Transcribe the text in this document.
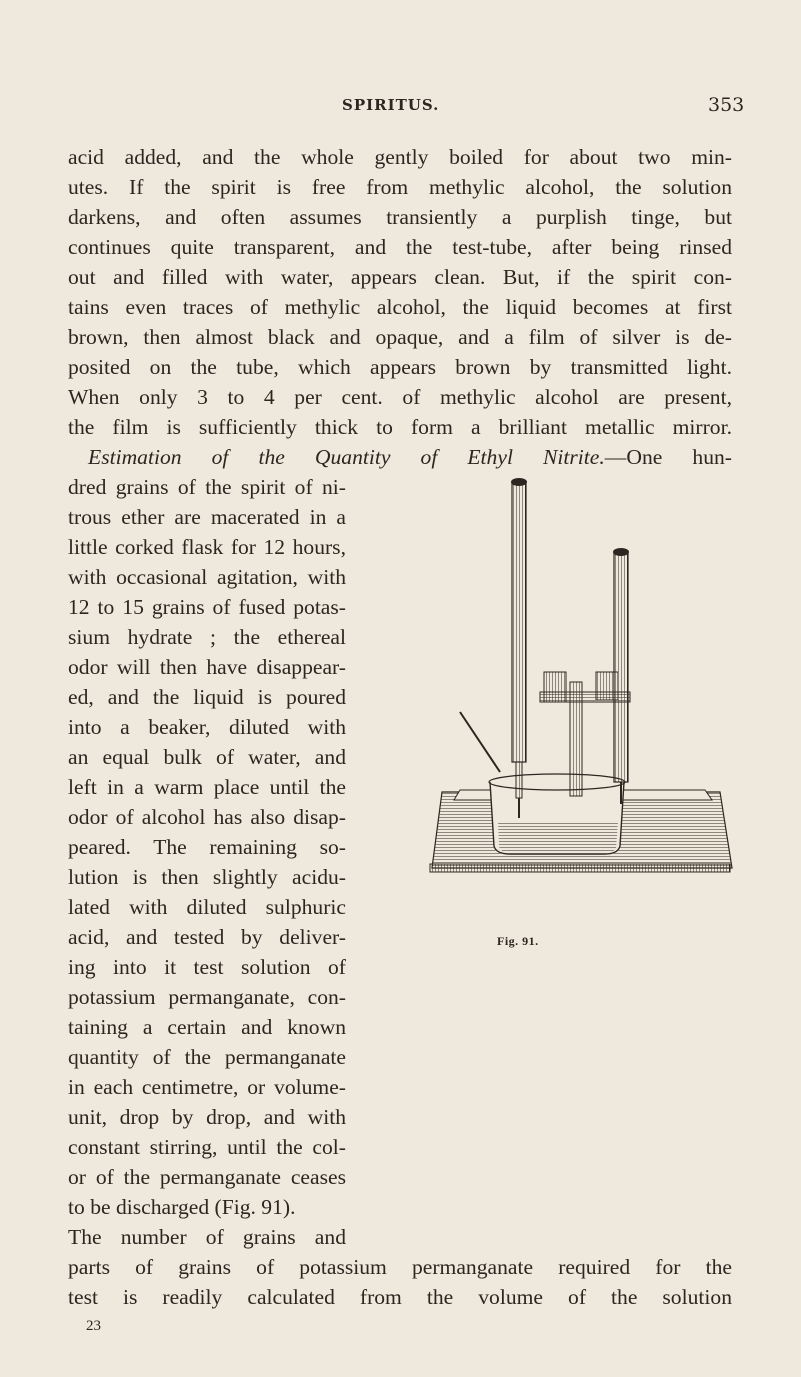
SPIRITUS.	353
acid added, and the whole gently boiled for about two min-
utes. If the spirit is free from methylic alcohol, the solution
darkens, and often assumes transiently a purplish tinge, but
continues quite transparent, and the test-tube, after being rinsed
out and filled with water, appears clean. But, if the spirit con-
tains even traces of methylic alcohol, the liquid becomes at first
brown, then almost black and opaque, and a film of silver is de-
posited on the tube, which appears brown by transmitted light.
When only 3 to 4 per cent. of methylic alcohol are present,
the film is sufficiently thick to form a brilliant metallic mirror.
Estimation of the Quantity of Ethyl Nitrite.—One hun-
dred grains of the spirit of ni-
trous ether are macerated in a
little corked flask for 12 hours,
with occasional agitation, with
12 to 15 grains of fused potas-
sium hydrate ; the ethereal
odor will then have disappear-
ed, and the liquid is poured
into a beaker, diluted with
an equal bulk of water, and
left in a warm place until the
odor of alcohol has also disap-
peared. The remaining so-
lution is then slightly acidu-
lated with diluted sulphuric
acid, and tested by deliver-
ing into it test solution of
potassium permanganate, con-
taining a certain and known
quantity of the permanganate
in each centimetre, or volume-
unit, drop by drop, and with
constant stirring, until the col-
or of the permanganate ceases
to be discharged (Fig. 91).
The number of grains and
parts of grains of potassium permanganate required for the
test is readily calculated from the volume of the solution
23
Fig. 91.
